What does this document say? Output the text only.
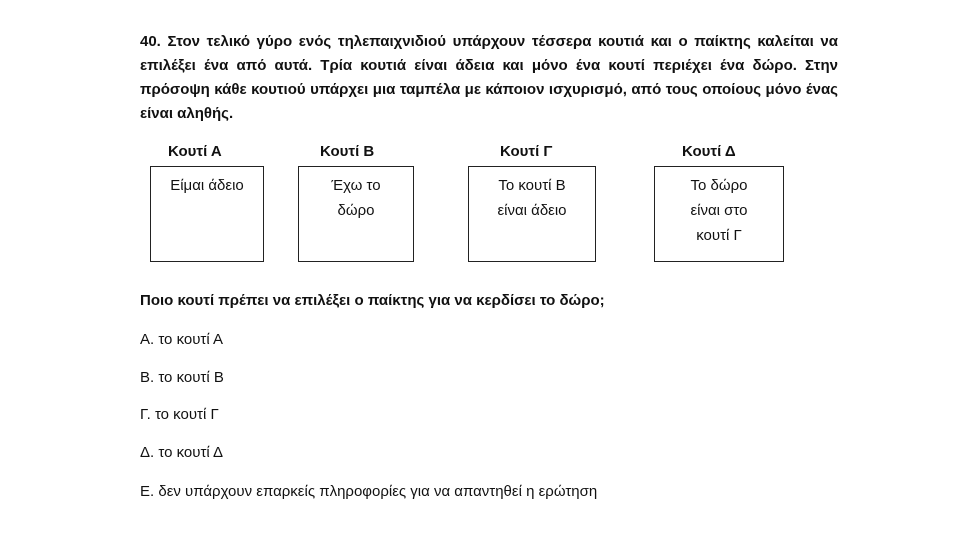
40. Στον τελικό γύρο ενός τηλεπαιχνιδιού υπάρχουν τέσσερα κουτιά και ο παίκτης καλείται να επιλέξει ένα από αυτά. Τρία κουτιά είναι άδεια και μόνο ένα κουτί περιέχει ένα δώρο. Στην πρόσοψη κάθε κουτιού υπάρχει μια ταμπέλα με κάποιον ισχυρισμό, από τους οποίους μόνο ένας είναι αληθής.
Κουτί Α	Κουτί Β	Κουτί Γ	Κουτί Δ
Είμαι άδειο	Έχω το δώρο
Το κουτί Β είναι άδειο
Το δώρο είναι στο κουτί Γ
Ποιο κουτί πρέπει να επιλέξει ο παίκτης για να κερδίσει το δώρο;
Α. το κουτί Α
Β. το κουτί Β
Γ. το κουτί Γ
Δ. το κουτί Δ
Ε. δεν υπάρχουν επαρκείς πληροφορίες για να απαντηθεί η ερώτηση
